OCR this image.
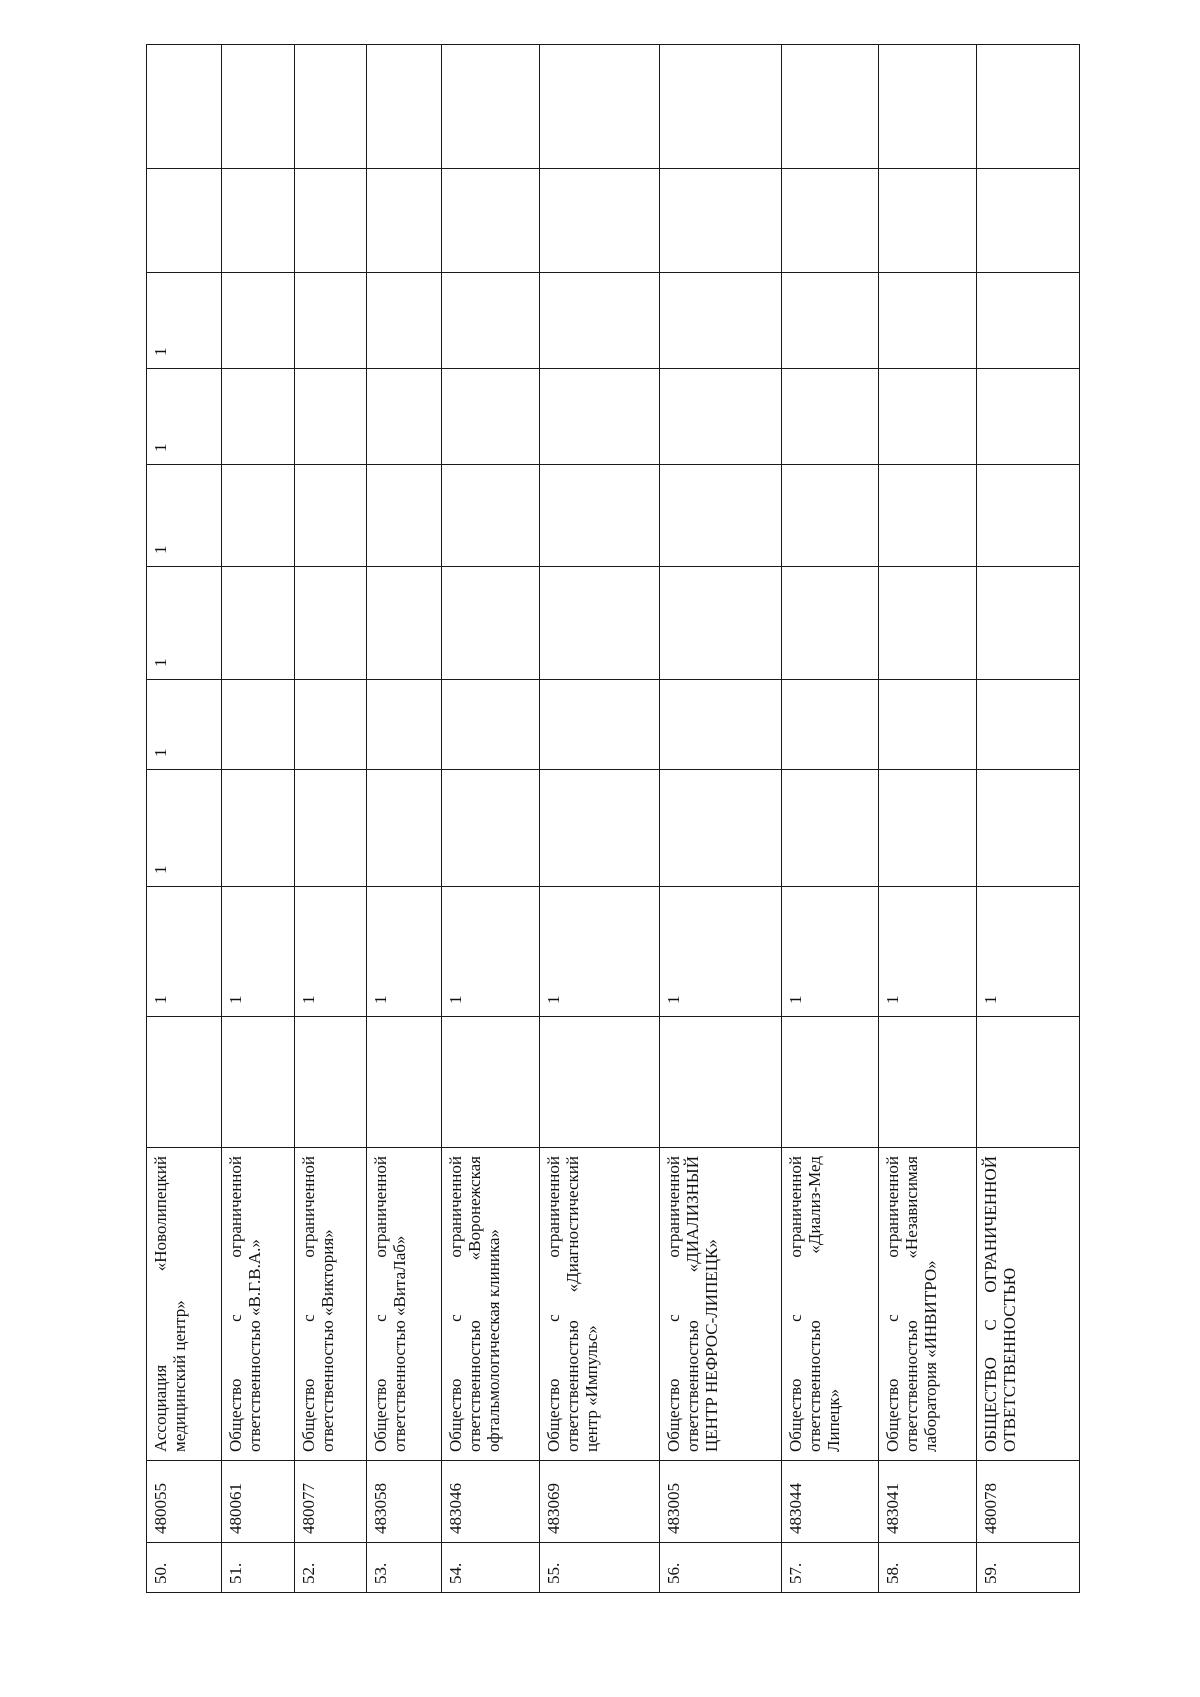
50.	480055	Ассоциация «Новолипецкий медицинский центр»		1	1	1	1	1	1	1		
51.	480061	Общество с ограниченной ответственностью «В.Г.В.А.»		1								
52.	480077	Общество с ограниченной ответственностью «Виктория»		1								
53.	483058	Общество с ограниченной ответственностью «ВитаЛаб»		1								
54.	483046	Общество с ограниченной ответственностью «Воронежская офтальмологическая клиника»		1								
55.	483069	Общество с ограниченной ответственностью «Диагностический центр «Импульс»		1								
56.	483005	Общество с ограниченной ответственностью «ДИАЛИЗНЫЙ ЦЕНТР НЕФРОС-ЛИПЕЦК»		1								
57.	483044	Общество с ограниченной ответственностью «Диализ-Мед Липецк»		1								
58.	483041	Общество с ограниченной ответственностью «Независимая лаборатория «ИНВИТРО»		1								
59.	480078	ОБЩЕСТВО С ОГРАНИЧЕННОЙ ОТВЕТСТВЕННОСТЬЮ		1								
